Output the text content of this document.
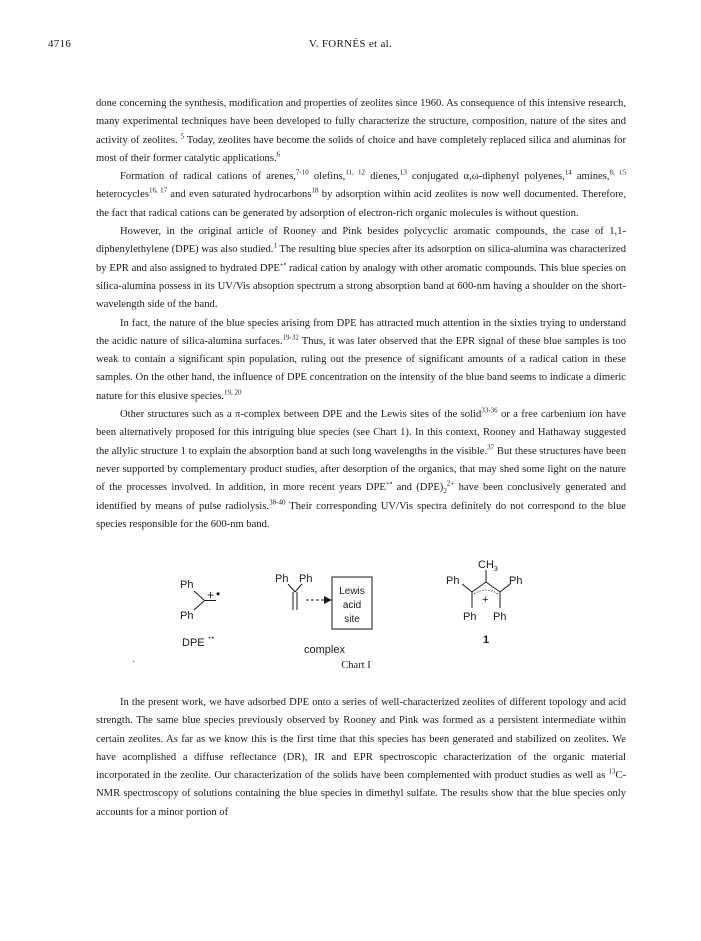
4716	V. FORNÉS et al.

done concerning the synthesis, modification and properties of zeolites since 1960. As consequence of this intensive research, many experimental techniques have been developed to fully characterize the structure, composition, nature of the sites and activity of zeolites. $^5$ Today, zeolites have become the solids of choice and have completely replaced silica and aluminas for most of their former catalytic applications.$^6$

Formation of radical cations of arenes,$^{7-10}$ olefins,$^{11, 12}$ dienes,$^{13}$ conjugated α,ω-diphenyl polyenes,$^{14}$ amines,$^{8, 15}$ heterocycles$^{16, 17}$ and even saturated hydrocarbons$^{18}$ by adsorption within acid zeolites is now well documented. Therefore, the fact that radical cations can be generated by adsorption of electron-rich organic molecules is without question.

However, in the original article of Rooney and Pink besides polycyclic aromatic compounds, the case of 1,1-diphenylethylene (DPE) was also studied.$^1$ The resulting blue species after its adsorption on silica-alumina was characterized by EPR and also assigned to hydrated DPE+• radical cation by analogy with other aromatic compounds. This blue species on silica-alumina possess in its UV/Vis absoption spectrum a strong absorption band at 600-nm having a shoulder on the short-wavelength side of the band.

In fact, the nature of the blue species arising from DPE has attracted much attention in the sixties trying to understand the acidic nature of silica-alumina surfaces.$^{19-32}$ Thus, it was later observed that the EPR signal of these blue samples is too weak to contain a significant spin population, ruling out the presence of significant amounts of a radical cation in these samples. On the other hand, the influence of DPE concentration on the intensity of the blue band seems to indicate a dimeric nature for this elusive species.$^{19, 20}$

Other structures such as a π-complex between DPE and the Lewis sites of the solid$^{33-36}$ or a free carbenium ion have been alternatively proposed for this intriguing blue species (see Chart 1). In this context, Rooney and Hathaway suggested the allylic structure 1 to explain the absorption band at such long wavelengths in the visible.$^{37}$ But these structures have been never supported by complementary product studies, after desorption of the organics, that may shed some light on the nature of the processes involved. In addition, in more recent years DPE+• and $(DPE)_2^{2+}$ have been conclusively generated and identified by means of pulse radiolysis.$^{38-40}$ Their corresponding UV/Vis spectra definitely do not correspond to the blue species responsible for the 600-nm band.

Ph
Ph
+ •
DPE +•
Ph Ph
Lewis
acid
site
complex
$CH_3$
Ph	Ph
+
Ph Ph
1
·	Chart I

In the present work, we have adsorbed DPE onto a series of well-characterized zeolites of different topology and acid strength. The same blue species previously observed by Rooney and Pink was formed as a persistent intermediate within certain zeolites. As far as we know this is the first time that this species has been generated and stabilized on zeolites. We have acomplished a diffuse reflectance (DR), IR and EPR spectroscopic characterization of the organic material incorporated in the zeolite. Our characterization of the solids have been complemented with product studies as well as $^{13}$C-NMR spectroscopy of solutions containing the blue species in dimethyl sulfate. The results show that the blue species only accounts for a minor portion of
